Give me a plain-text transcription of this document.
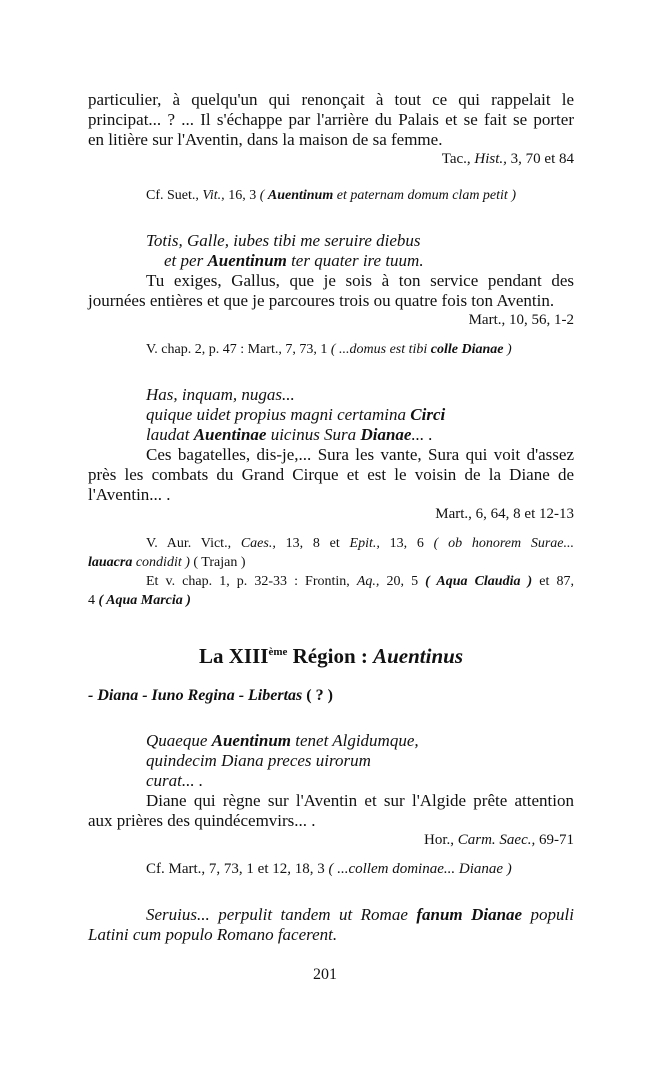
particulier, à quelqu'un qui renonçait à tout ce qui rappelait le

principat... ? ... Il s'échappe par l'arrière du Palais et se fait se porter

en litière sur l'Aventin, dans la maison de sa femme.

Tac., Hist., 3, 70 et 84

Cf. Suet., Vit., 16, 3 ( Auentinum et paternam domum clam petit )

Totis, Galle, iubes tibi me seruire diebus

et per Auentinum ter quater ire tuum.

Tu exiges, Gallus, que je sois à ton service pendant des

journées entières et que je parcoures trois ou quatre fois ton Aventin.

Mart., 10, 56, 1-2

V. chap. 2, p. 47 : Mart., 7, 73, 1 ( ...domus est tibi colle Dianae )

Has, inquam, nugas...

quique uidet propius magni certamina Circi

laudat Auentinae uicinus Sura Dianae... .

Ces bagatelles, dis-je,... Sura les vante, Sura qui voit d'assez

près les combats du Grand Cirque et est le voisin de la Diane de

l'Aventin... .

Mart., 6, 64, 8 et 12-13

V. Aur. Vict., Caes., 13, 8 et Epit., 13, 6 ( ob honorem Surae...

lauacra condidit ) ( Trajan )

Et v. chap. 1, p. 32-33 : Frontin, Aq., 20, 5 ( Aqua Claudia ) et 87,

4 ( Aqua Marcia )

La XIIIème Région : Auentinus

- Diana - Iuno Regina - Libertas ( ? )

Quaeque Auentinum tenet Algidumque,

quindecim Diana preces uirorum

curat... .

Diane qui règne sur l'Aventin et sur l'Algide prête attention

aux prières des quindécemvirs... .

Hor., Carm. Saec., 69-71

Cf. Mart., 7, 73, 1 et 12, 18, 3 ( ...collem dominae... Dianae )

Seruius... perpulit tandem ut Romae fanum Dianae populi

Latini cum populo Romano facerent.

201
